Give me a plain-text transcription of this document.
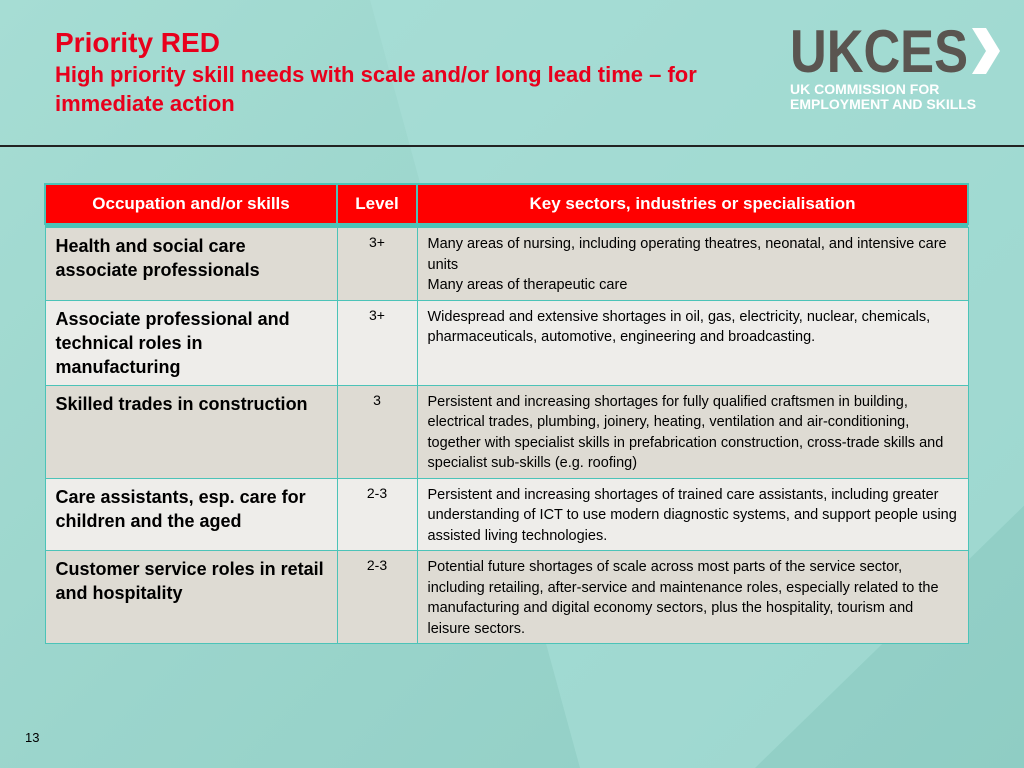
Priority RED
High priority skill needs with scale and/or long lead time – for immediate action
UKCES
UK COMMISSION FOR
EMPLOYMENT AND SKILLS
Occupation and/or skills	Level	Key sectors, industries or specialisation

Health and social care associate professionals	3+	Many areas of nursing, including operating theatres, neonatal, and intensive care units
Many areas of therapeutic care

Associate professional and technical roles in manufacturing	3+	Widespread and extensive shortages in oil, gas, electricity, nuclear, chemicals, pharmaceuticals, automotive, engineering and broadcasting.

Skilled trades in construction	3	Persistent and increasing shortages for fully qualified craftsmen in building, electrical trades, plumbing, joinery, heating, ventilation and air-conditioning, together with specialist skills in prefabrication construction, cross-trade skills and specialist sub-skills (e.g. roofing)

Care assistants, esp. care for children and the aged	2-3	Persistent and increasing shortages of trained care assistants, including greater understanding of ICT to use modern diagnostic systems, and support people using assisted living technologies.

Customer service roles in retail and hospitality	2-3	Potential future shortages of scale across most parts of the service sector, including retailing, after-service and maintenance roles, especially related to the manufacturing and digital economy sectors, plus the hospitality, tourism and leisure sectors.
13
